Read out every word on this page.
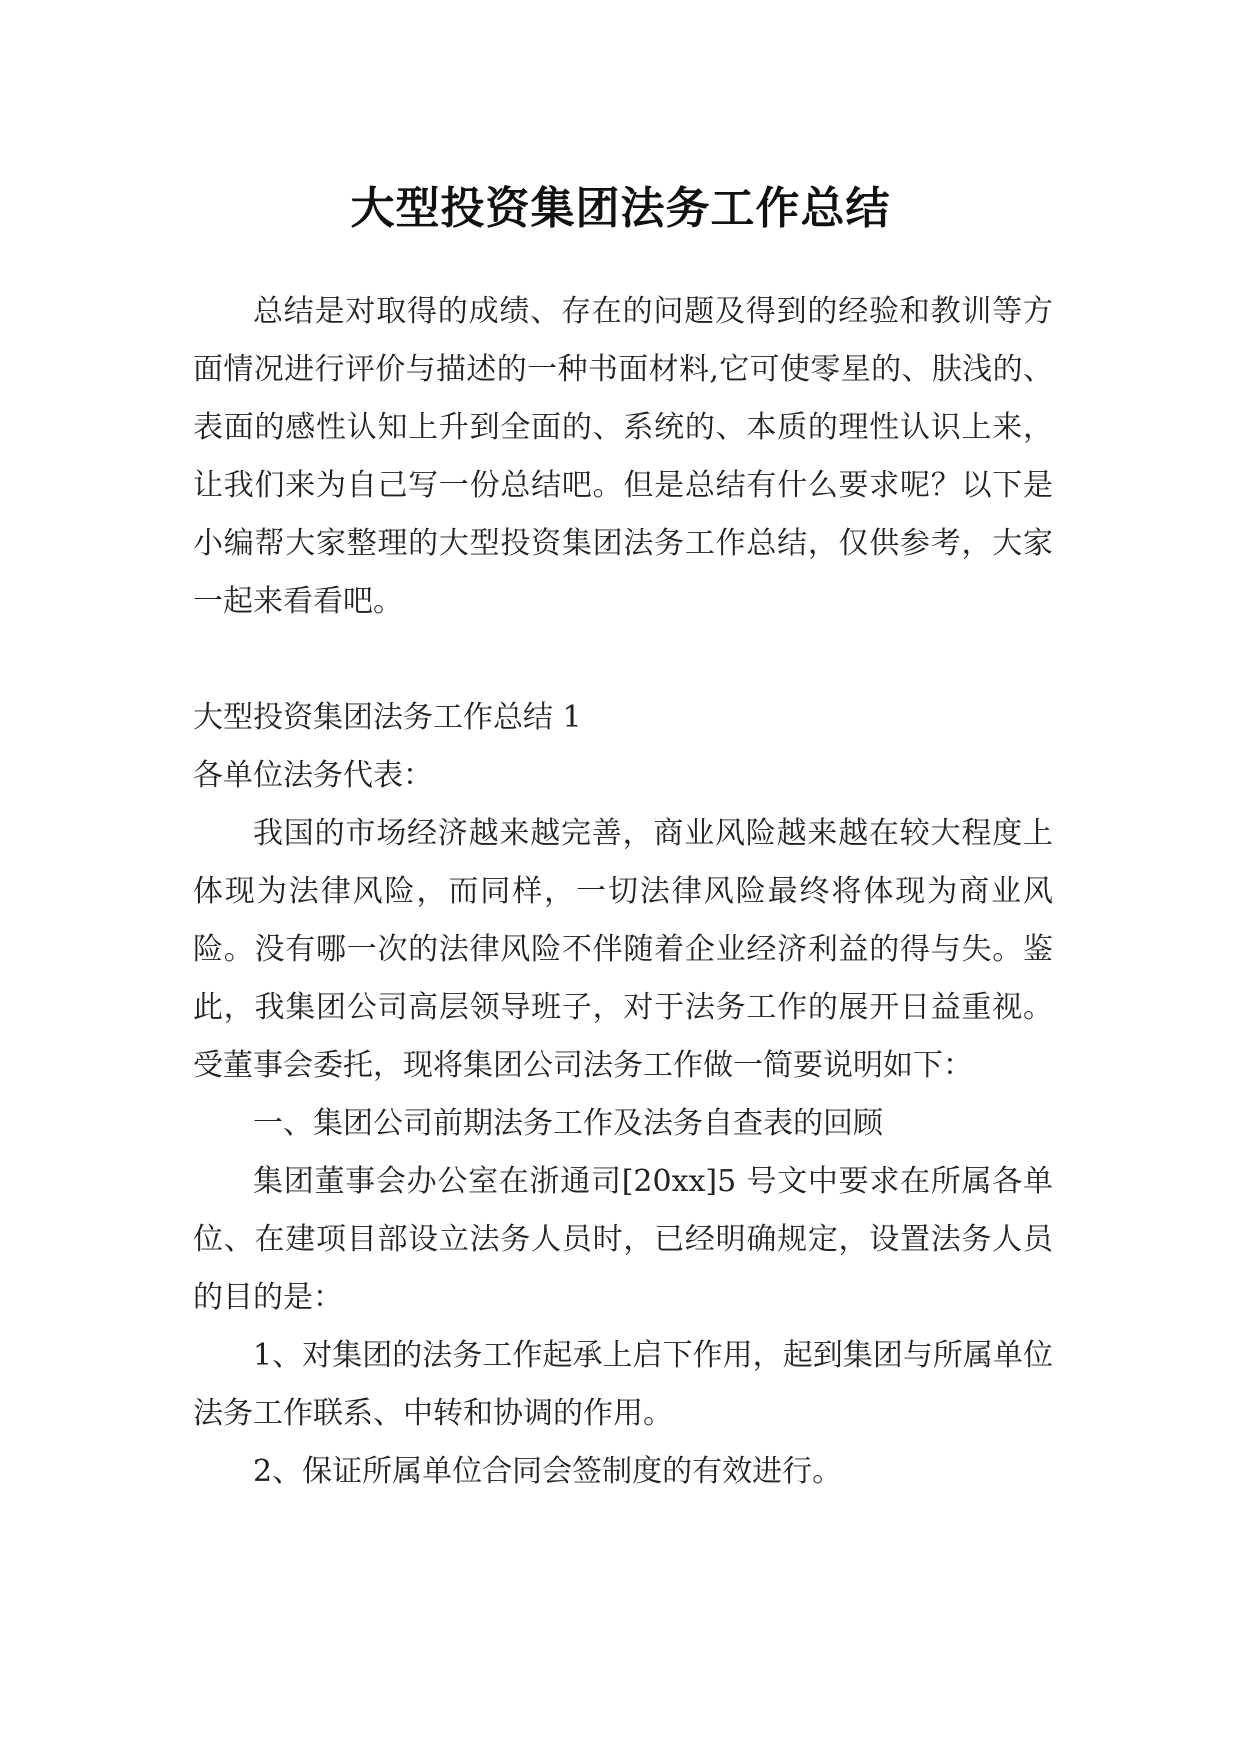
大型投资集团法务工作总结

总结是对取得的成绩、存在的问题及得到的经验和教训等方面情况进行评价与描述的一种书面材料,它可使零星的、肤浅的、表面的感性认知上升到全面的、系统的、本质的理性认识上来，让我们来为自己写一份总结吧。但是总结有什么要求呢？以下是小编帮大家整理的大型投资集团法务工作总结，仅供参考，大家一起来看看吧。

大型投资集团法务工作总结 1

各单位法务代表：

我国的市场经济越来越完善，商业风险越来越在较大程度上体现为法律风险，而同样，一切法律风险最终将体现为商业风险。没有哪一次的法律风险不伴随着企业经济利益的得与失。鉴此，我集团公司高层领导班子，对于法务工作的展开日益重视。受董事会委托，现将集团公司法务工作做一简要说明如下：

一、集团公司前期法务工作及法务自查表的回顾

集团董事会办公室在浙通司[20xx]5 号文中要求在所属各单位、在建项目部设立法务人员时，已经明确规定，设置法务人员的目的是：

1、对集团的法务工作起承上启下作用，起到集团与所属单位法务工作联系、中转和协调的作用。

2、保证所属单位合同会签制度的有效进行。
